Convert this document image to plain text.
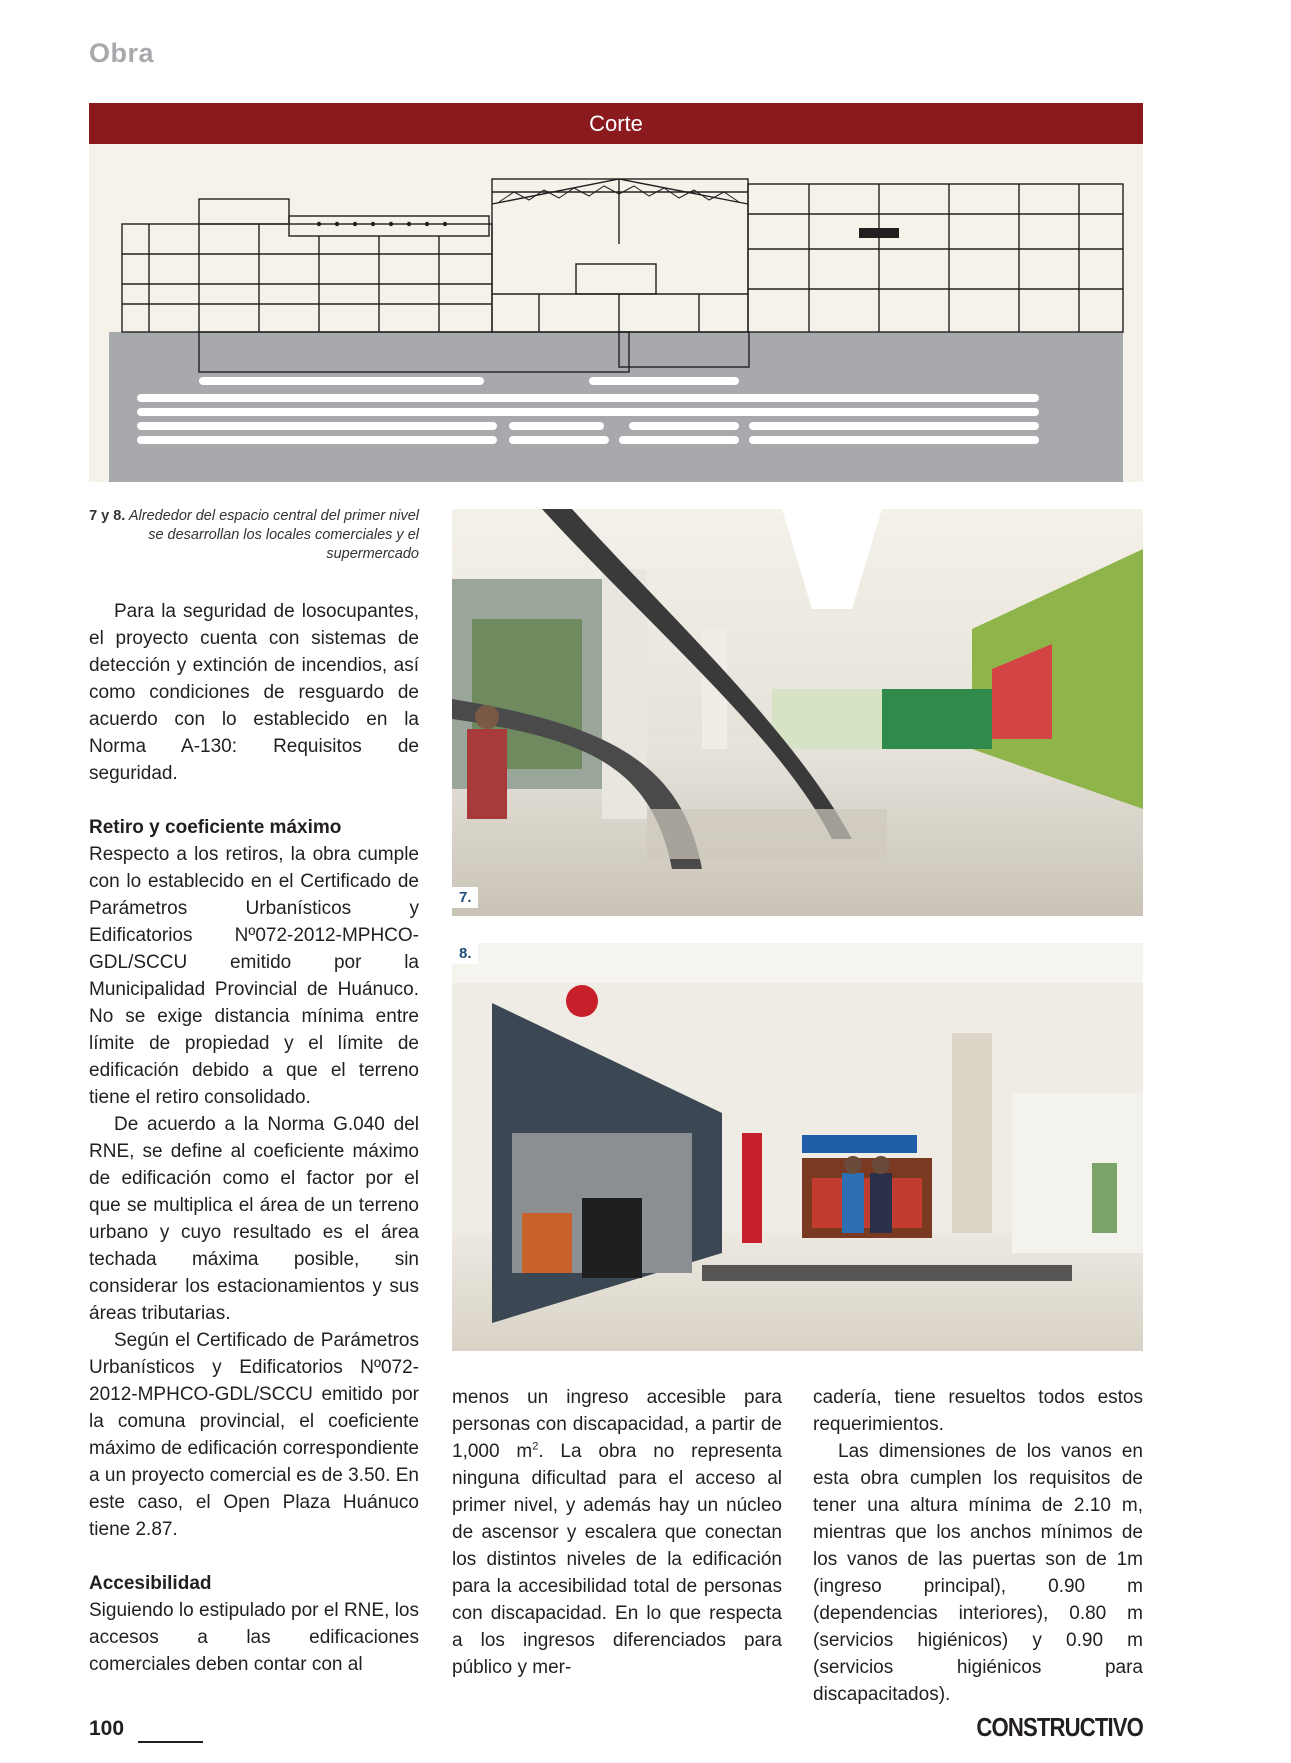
Obra
Corte
7 y 8. Alrededor del espacio central del primer nivel se desarrollan los locales comerciales y el supermercado
7.
8.

Para la seguridad de losocupantes, el proyecto cuenta con sistemas de detección y extinción de incendios, así como condiciones de resguardo de acuerdo con lo establecido en la Norma A-130: Requisitos de seguridad.

Retiro y coeficiente máximo

Respecto a los retiros, la obra cumple con lo establecido en el Certificado de Parámetros Urbanísticos y Edificatorios Nº072-2012-MPHCO-GDL/SCCU emitido por la Municipalidad Provincial de Huánuco. No se exige distancia mínima entre límite de propiedad y el límite de edificación debido a que el terreno tiene el retiro consolidado.

De acuerdo a la Norma G.040 del RNE, se define al coeficiente máximo de edificación como el factor por el que se multiplica el área de un terreno urbano y cuyo resultado es el área techada máxima posible, sin considerar los estacionamientos y sus áreas tributarias.

Según el Certificado de Parámetros Urbanísticos y Edificatorios Nº072-2012-MPHCO-GDL/SCCU emitido por la comuna provincial, el coeficiente máximo de edificación correspondiente a un proyecto comercial es de 3.50. En este caso, el Open Plaza Huánuco tiene 2.87.

Accesibilidad

Siguiendo lo estipulado por el RNE, los accesos a las edificaciones comerciales deben contar con al

menos un ingreso accesible para personas con discapacidad, a partir de 1,000 $m^2$. La obra no representa ninguna dificultad para el acceso al primer nivel, y además hay un núcleo de ascensor y escalera que conectan los distintos niveles de la edificación para la accesibilidad total de personas con discapacidad. En lo que respecta a los ingresos diferenciados para público y mer-

cadería, tiene resueltos todos estos requerimientos.

Las dimensiones de los vanos en esta obra cumplen los requisitos de tener una altura mínima de 2.10 m, mientras que los anchos mínimos de los vanos de las puertas son de 1m (ingreso principal), 0.90 m (dependencias interiores), 0.80 m (servicios higiénicos) y 0.90 m (servicios higiénicos para discapacitados).

100	CONSTRUCTIVO
